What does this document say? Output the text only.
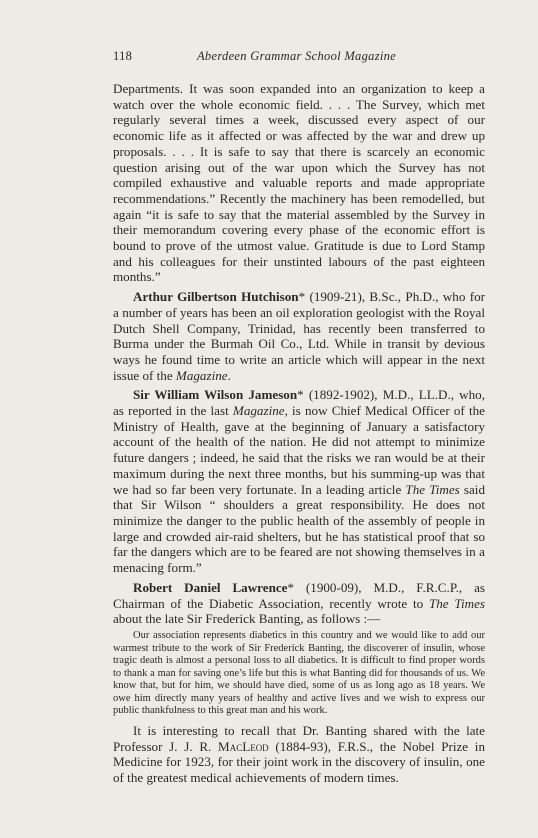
118	Aberdeen Grammar School Magazine

Departments. It was soon expanded into an organization to keep a watch over the whole economic field. . . . The Survey, which met regularly several times a week, discussed every aspect of our economic life as it affected or was affected by the war and drew up proposals. . . . It is safe to say that there is scarcely an economic question arising out of the war upon which the Survey has not compiled exhaustive and valuable reports and made appropriate recommendations.” Recently the machinery has been remodelled, but again “it is safe to say that the material assembled by the Survey in their memorandum covering every phase of the economic effort is bound to prove of the utmost value. Gratitude is due to Lord Stamp and his colleagues for their unstinted labours of the past eighteen months.”

Arthur Gilbertson Hutchison* (1909-21), B.Sc., Ph.D., who for a number of years has been an oil exploration geologist with the Royal Dutch Shell Company, Trinidad, has recently been transferred to Burma under the Burmah Oil Co., Ltd. While in transit by devious ways he found time to write an article which will appear in the next issue of the Magazine.

Sir William Wilson Jameson* (1892-1902), M.D., LL.D., who, as reported in the last Magazine, is now Chief Medical Officer of the Ministry of Health, gave at the beginning of January a satisfactory account of the health of the nation. He did not attempt to minimize future dangers ; indeed, he said that the risks we ran would be at their maximum during the next three months, but his summing-up was that we had so far been very fortunate. In a leading article The Times said that Sir Wilson “ shoulders a great responsibility. He does not minimize the danger to the public health of the assembly of people in large and crowded air-raid shelters, but he has statistical proof that so far the dangers which are to be feared are not showing themselves in a menacing form.”

Robert Daniel Lawrence* (1900-09), M.D., F.R.C.P., as Chairman of the Diabetic Association, recently wrote to The Times about the late Sir Frederick Banting, as follows :—

Our association represents diabetics in this country and we would like to add our warmest tribute to the work of Sir Frederick Banting, the discoverer of insulin, whose tragic death is almost a personal loss to all diabetics. It is difficult to find proper words to thank a man for saving one’s life but this is what Banting did for thousands of us. We know that, but for him, we should have died, some of us as long ago as 18 years. We owe him directly many years of healthy and active lives and we wish to express our public thankfulness to this great man and his work.

It is interesting to recall that Dr. Banting shared with the late Professor J. J. R. MacLeod (1884-93), F.R.S., the Nobel Prize in Medicine for 1923, for their joint work in the discovery of insulin, one of the greatest medical achievements of modern times.
